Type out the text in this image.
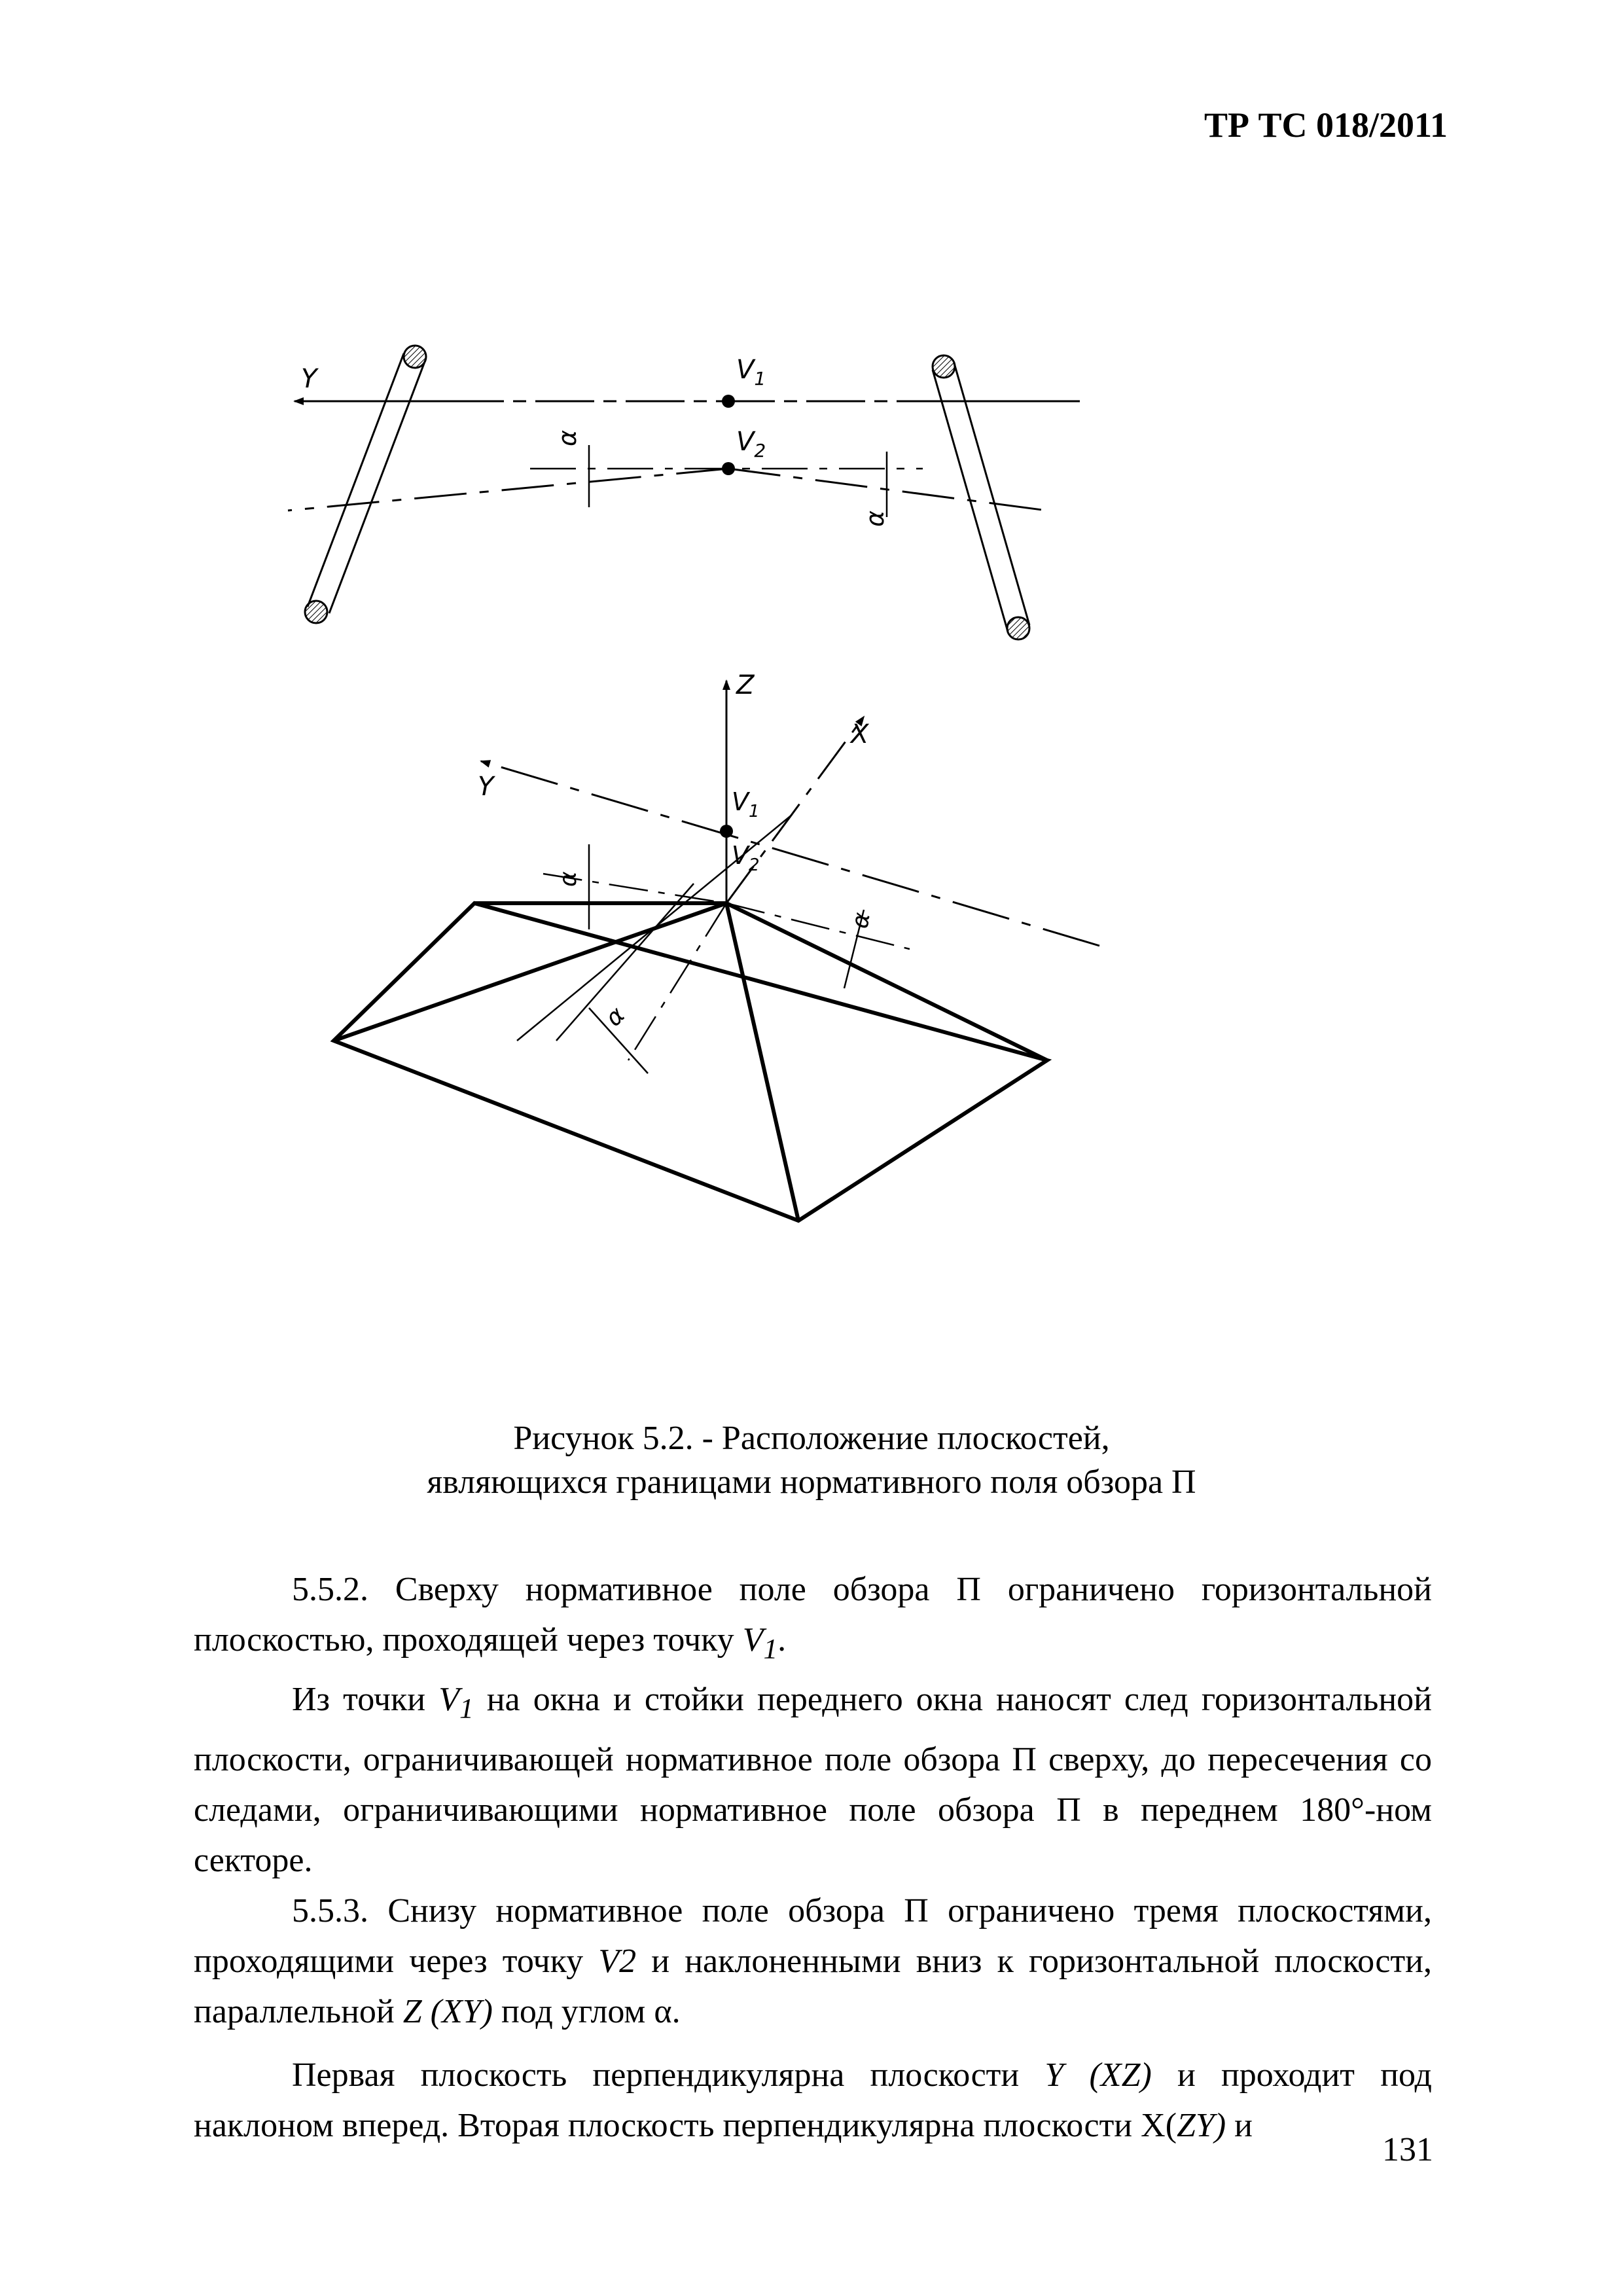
ТР ТС 018/2011
Y	$V_1$
$V_2$
α
α
Z
X
Y	$V_1$
$V_2$
α
α
α
Рисунок 5.2. - Расположение плоскостей,
являющихся границами нормативного поля обзора П

5.5.2. Сверху нормативное поле обзора П ограничено горизонтальной плоскостью, проходящей через точку $V_1$.

Из точки $V_1$ на окна и стойки переднего окна наносят след горизонтальной плоскости, ограничивающей нормативное поле обзора П сверху, до пересечения со следами, ограничивающими нормативное поле обзора П в переднем 180°-ном секторе.

5.5.3. Снизу нормативное поле обзора П ограничено тремя плоскостями, проходящими через точку V2 и наклоненными вниз к горизонтальной плоскости, параллельной Z (XY) под углом α.

Первая плоскость перпендикулярна плоскости Y (XZ) и проходит под наклоном вперед. Вторая плоскость перпендикулярна плоскости X(ZY) и

131
